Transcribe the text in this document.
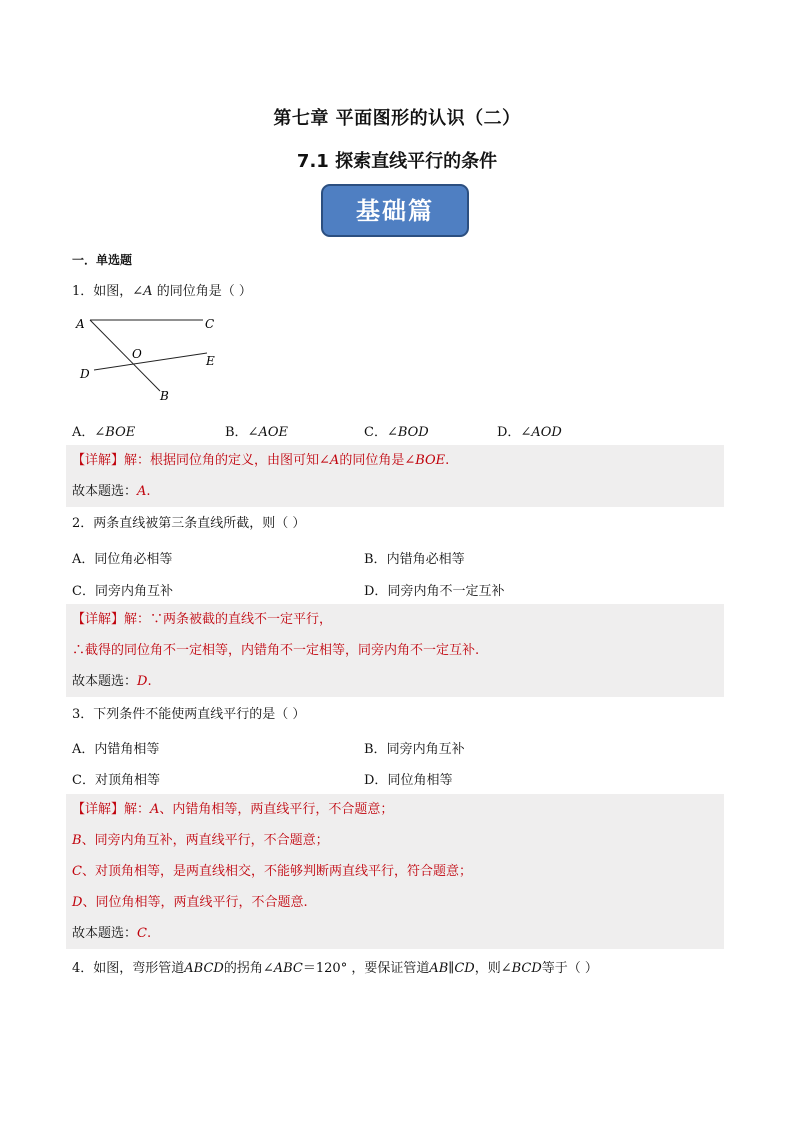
第七章 平面图形的认识（二）
7.1 探索直线平行的条件
基础篇
一．单选题
1．如图，∠A 的同位角是（ ）
A	C
O	E
D
B
A．∠BOE	B．∠AOE	C．∠BOD	D．∠AOD
【详解】解：根据同位角的定义，由图可知∠A的同位角是∠BOE.
故本题选：A.
2．两条直线被第三条直线所截，则（ ）
A．同位角必相等	B．内错角必相等
C．同旁内角互补	D．同旁内角不一定互补
【详解】解：∵两条被截的直线不一定平行，
∴截得的同位角不一定相等，内错角不一定相等，同旁内角不一定互补.
故本题选：D.
3．下列条件不能使两直线平行的是（ ）
A．内错角相等	B．同旁内角互补
C．对顶角相等	D．同位角相等
【详解】解：A、内错角相等，两直线平行，不合题意；
B、同旁内角互补，两直线平行，不合题意；
C、对顶角相等，是两直线相交，不能够判断两直线平行，符合题意；
D、同位角相等，两直线平行，不合题意.
故本题选：C.
4．如图，弯形管道ABCD的拐角∠ABC＝120° ，要保证管道AB∥CD，则∠BCD等于（ ）
